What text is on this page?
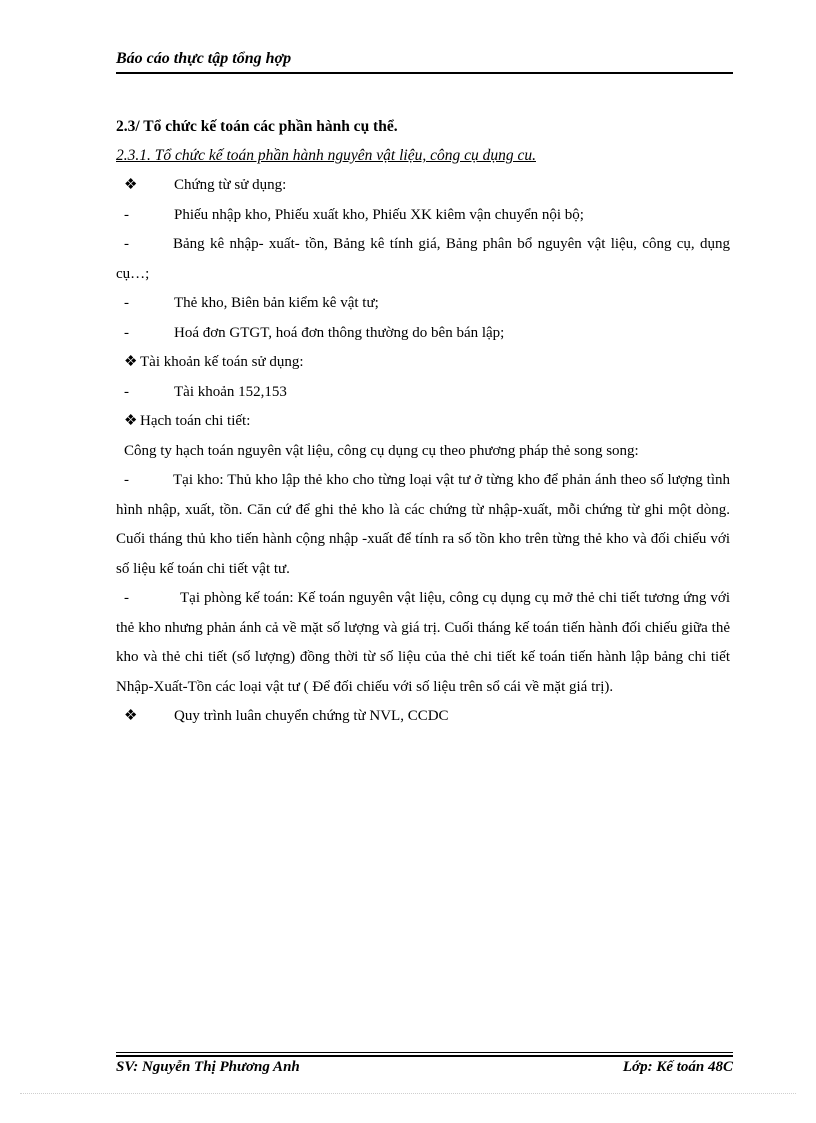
Báo cáo thực tập tổng hợp
2.3/ Tổ chức kế toán các phần hành cụ thể.
2.3.1. Tổ chức kế toán phần hành nguyên vật liệu, công cụ dụng cu.
❖	Chứng từ sử dụng:
-	Phiếu nhập kho, Phiếu xuất kho, Phiếu XK kiêm vận chuyển nội bộ;
-	Bảng kê nhập- xuất- tồn, Bảng kê tính giá, Bảng phân bổ nguyên vật liệu, công cụ, dụng cụ…;
-	Thẻ kho, Biên bản kiểm kê vật tư;
-	Hoá đơn GTGT, hoá đơn thông thường do bên bán lập;
❖ Tài khoản kế toán sử dụng:
-	Tài khoản 152,153
❖ Hạch toán chi tiết:
Công ty hạch toán nguyên vật liệu, công cụ dụng cụ theo phương pháp thẻ song song:
-	Tại kho: Thủ kho lập thẻ kho cho từng loại vật tư ở từng kho để phản ánh theo số lượng tình hình nhập, xuất, tồn. Căn cứ để ghi thẻ kho là các chứng từ nhập-xuất, mỗi chứng từ ghi một dòng. Cuối tháng thủ kho tiến hành cộng nhập -xuất để tính ra số tồn kho trên từng thẻ kho và đối chiếu với số liệu kế toán chi tiết vật tư.
-	Tại phòng kế toán: Kế toán nguyên vật liệu, công cụ dụng cụ mở thẻ chi tiết tương ứng với thẻ kho nhưng phản ánh cả về mặt số lượng và giá trị. Cuối tháng kế toán tiến hành đối chiếu giữa thẻ kho và thẻ chi tiết (số lượng) đồng thời từ số liệu của thẻ chi tiết kế toán tiến hành lập bảng chi tiết Nhập-Xuất-Tồn các loại vật tư ( Để đối chiếu với số liệu trên sổ cái về mặt giá trị).
❖	Quy trình luân chuyển chứng từ NVL, CCDC
SV: Nguyễn Thị Phương Anh	Lớp: Kế toán 48C
